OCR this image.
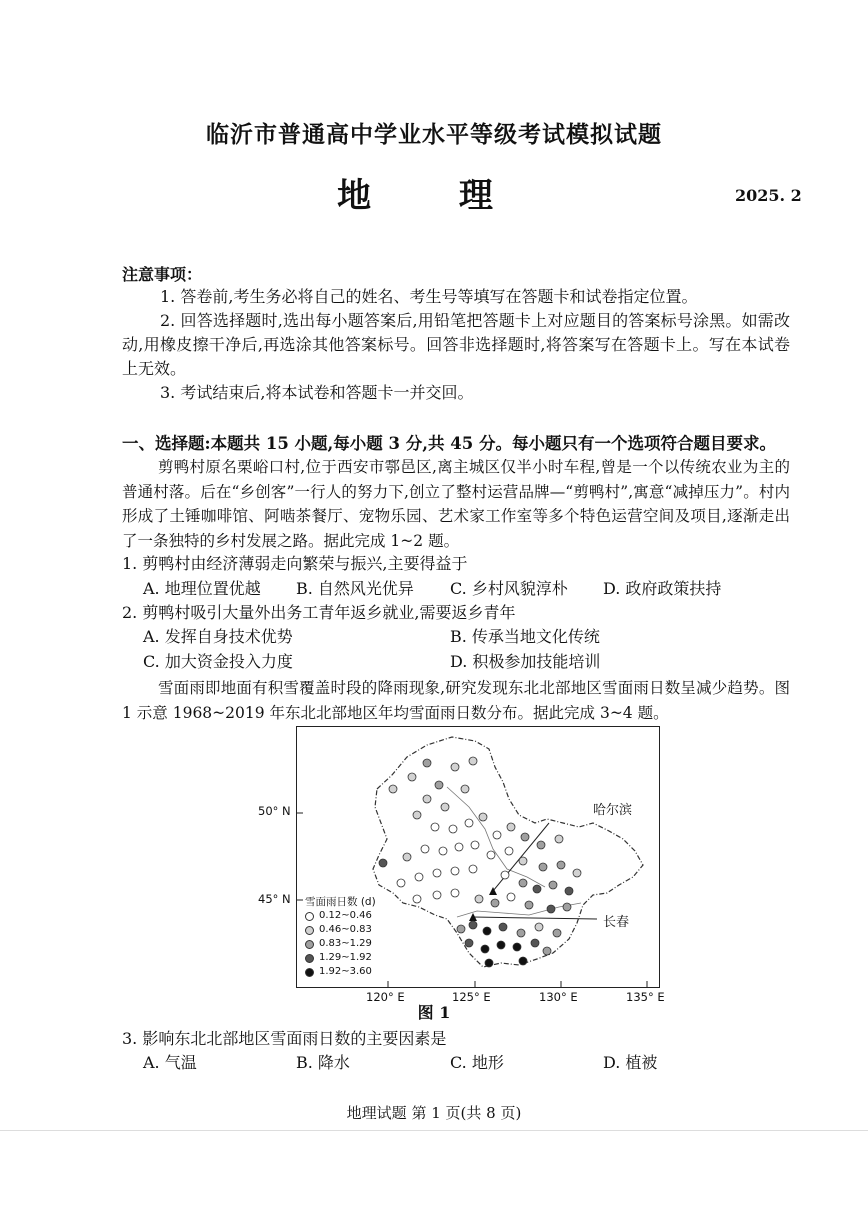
临沂市普通高中学业水平等级考试模拟试题
地 理	2025. 2
注意事项：
1. 答卷前,考生务必将自己的姓名、考生号等填写在答题卡和试卷指定位置。
2. 回答选择题时,选出每小题答案后,用铅笔把答题卡上对应题目的答案标号涂黑。如需改动,用橡皮擦干净后,再选涂其他答案标号。回答非选择题时,将答案写在答题卡上。写在本试卷上无效。
3. 考试结束后,将本试卷和答题卡一并交回。
一、选择题:本题共 15 小题,每小题 3 分,共 45 分。每小题只有一个选项符合题目要求。
剪鸭村原名栗峪口村,位于西安市鄠邑区,离主城区仅半小时车程,曾是一个以传统农业为主的普通村落。后在“乡创客”一行人的努力下,创立了整村运营品牌—“剪鸭村”,寓意“减掉压力”。村内形成了土锤咖啡馆、阿啮茶餐厅、宠物乐园、艺术家工作室等多个特色运营空间及项目,逐渐走出了一条独特的乡村发展之路。据此完成 1~2 题。
1. 剪鸭村由经济薄弱走向繁荣与振兴,主要得益于
A. 地理位置优越 B. 自然风光优异 C. 乡村风貌淳朴 D. 政府政策扶持
2. 剪鸭村吸引大量外出务工青年返乡就业,需要返乡青年
A. 发挥自身技术优势	B. 传承当地文化传统
C. 加大资金投入力度	D. 积极参加技能培训
雪面雨即地面有积雪覆盖时段的降雨现象,研究发现东北北部地区雪面雨日数呈减少趋势。图 1 示意 1968~2019 年东北北部地区年均雪面雨日数分布。据此完成 3~4 题。
50° N
45° N
哈尔滨
长春
雪面雨日数 (d)
0.12~0.46
0.46~0.83
0.83~1.29
1.29~1.92
1.92~3.60
120° E	125° E	130° E	135° E
图 1
3. 影响东北北部地区雪面雨日数的主要因素是
A. 气温	B. 降水	C. 地形	D. 植被
地理试题 第 1 页(共 8 页)
